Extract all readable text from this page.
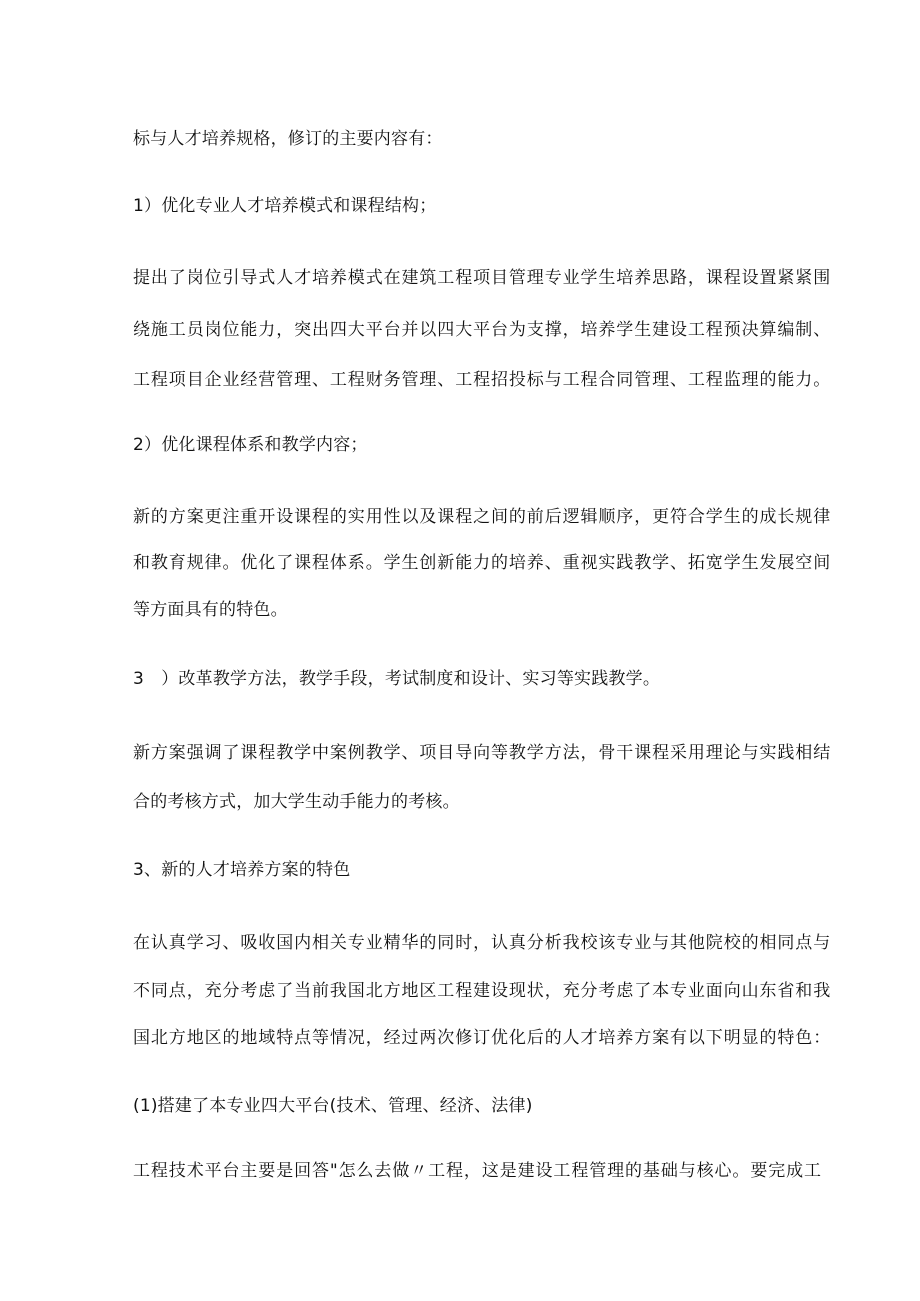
标与人才培养规格，修订的主要内容有：
1）优化专业人才培养模式和课程结构；
提出了岗位引导式人才培养模式在建筑工程项目管理专业学生培养思路，课程设置紧紧围
绕施工员岗位能力，突出四大平台并以四大平台为支撑，培养学生建设工程预决算编制、
工程项目企业经营管理、工程财务管理、工程招投标与工程合同管理、工程监理的能力。
2）优化课程体系和教学内容；
新的方案更注重开设课程的实用性以及课程之间的前后逻辑顺序，更符合学生的成长规律
和教育规律。优化了课程体系。学生创新能力的培养、重视实践教学、拓宽学生发展空间
等方面具有的特色。
3　）改革教学方法，教学手段，考试制度和设计、实习等实践教学。
新方案强调了课程教学中案例教学、项目导向等教学方法，骨干课程采用理论与实践相结
合的考核方式，加大学生动手能力的考核。
3、新的人才培养方案的特色
在认真学习、吸收国内相关专业精华的同时，认真分析我校该专业与其他院校的相同点与
不同点，充分考虑了当前我国北方地区工程建设现状，充分考虑了本专业面向山东省和我
国北方地区的地域特点等情况，经过两次修订优化后的人才培养方案有以下明显的特色：
(1)搭建了本专业四大平台(技术、管理、经济、法律)
工程技术平台主要是回答"怎么去做〃工程，这是建设工程管理的基础与核心。要完成工
